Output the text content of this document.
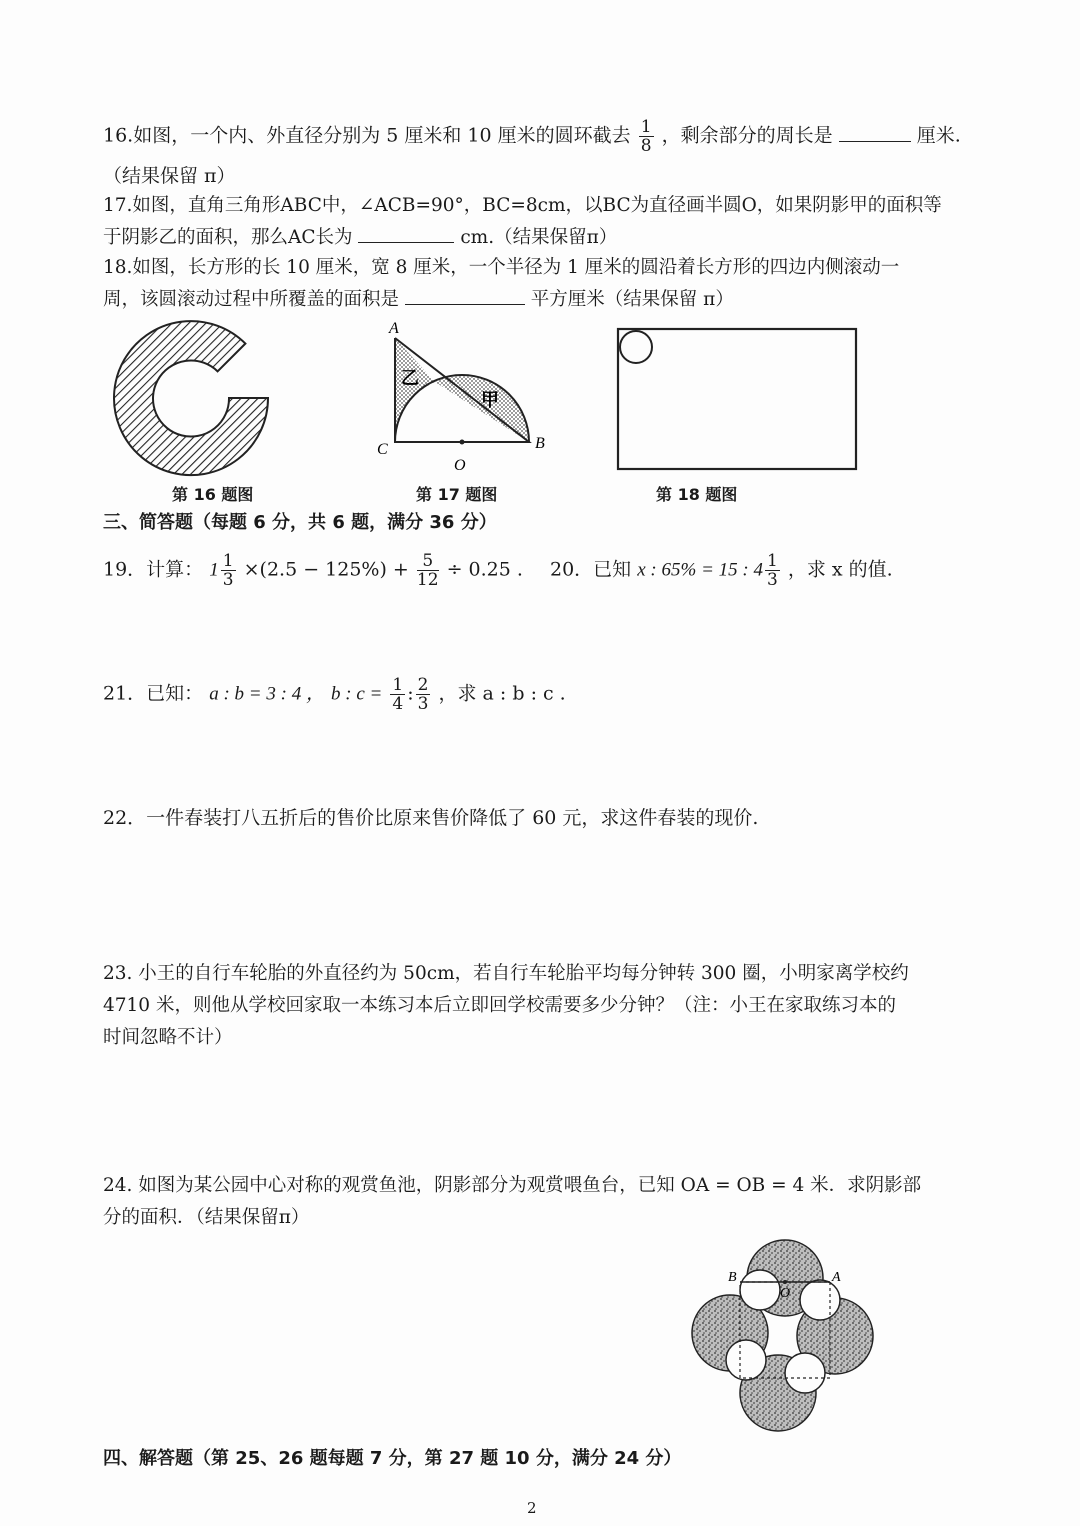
16.如图，一个内、外直径分别为 5 厘米和 10 厘米的圆环截去 $\frac{1}{8}$ ，剩余部分的周长是	厘米.
（结果保留 π）
17.如图，直角三角形ABC中，∠ACB=90°，BC=8cm，以BC为直径画半圆O，如果阴影甲的面积等
于阴影乙的面积，那么AC长为	cm.（结果保留π）
18.如图，长方形的长 10 厘米，宽 8 厘米，一个半径为 1 厘米的圆沿着长方形的四边内侧滚动一
周，该圆滚动过程中所覆盖的面积是	平方厘米（结果保留 π）
第 16 题图
A
B
C
O
乙
甲
第 17 题图	第 18 题图
三、简答题（每题 6 分，共 6 题，满分 36 分）
19．计算： $1 \frac{1}{3} \times(2.5 - 125\%) + \frac{5}{12} \div 0.25$ . 20．已知 x : 65% = 15 : $4 \frac{1}{3}$ ，求 x 的值.
21．已知： a : b = 3 : 4 ， b : $c = \frac{1}{4}$ : $\frac{2}{3}$ ，求 a : b : c .
22．一件春装打八五折后的售价比原来售价降低了 60 元，求这件春装的现价.
23. 小王的自行车轮胎的外直径约为 50cm，若自行车轮胎平均每分钟转 300 圈，小明家离学校约
4710 米，则他从学校回家取一本练习本后立即回学校需要多少分钟？（注：小王在家取练习本的
时间忽略不计）
24. 如图为某公园中心对称的观赏鱼池，阴影部分为观赏喂鱼台，已知 OA = OB = 4 米．求阴影部
分的面积．（结果保留π）
B	A
O
四、解答题（第 25、26 题每题 7 分，第 27 题 10 分，满分 24 分）
2
